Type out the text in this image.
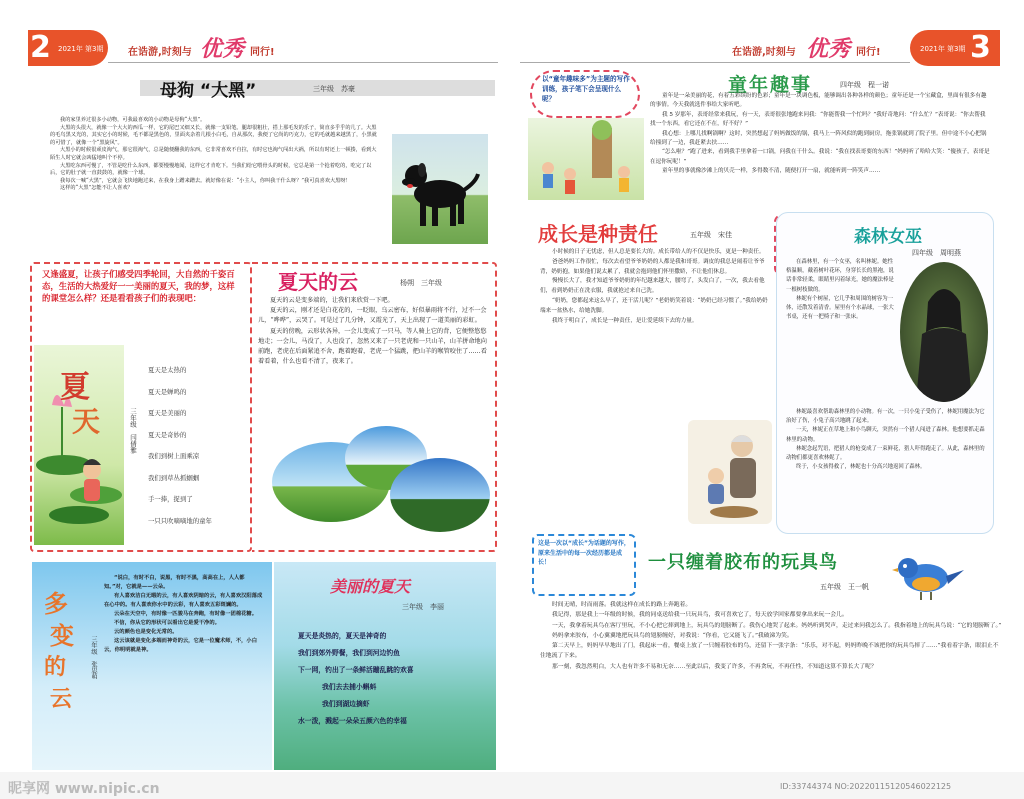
2 2021年 第3期 在诰游,时刻与 优秀 同行!
母狗 “大黑”	三年级　苏豪

我的家里养过很多小动物，可我最喜欢的小动物是母狗“大黑”。

大黑的头很大，就像一个大大的西瓜一样，它的尾巴又细又长，就像一支铅笔。腿却很粗壮，搭上那毛发的乐子，简直多乎乎的几了。大黑的毛鸟黑又光的，其实它小的时候，毛不都是黑色的，里面夹杂着几根小白毛，自从那次，我便了它尚的巧克力，它的毛就越来越黑了，小黑就的可惜了，就像一个“黑旋风”。

大黑小的时候很顽皮淘气，那它很淘气，总是随便翻我的东西，它非常喜欢不自拉，有时它也淘气闯出大祸，所以有时还上一顿揍，看到大陌生人时它就会凶猛地叫个不停。

大黑吃东西可慢了，不管是吃什么东西，都要慢慢地闻，这样它才肯吃下。当我们给它喂骨头的时候，它总是第一个抢着吃的，吃完了以后，它的肚子就一直鼓鼓的，就像一个球。

我每次一喊“大黑”，它就会飞快地跑过来，在我身上蹭来蹭去。就好像在说：“小主人，你叫我干什么呀？”我可真喜欢大黑呀！

这样的“大黑”怎能不让人喜欢？

又逢盛夏，让孩子们感受四季轮回，大自然的千姿百态，生活的大热爱好一一美丽的夏天，我的梦，这样的课堂怎么样？还是看看孩子们的表现吧：
夏
天	三年级　闫倩雅
夏天是太热的
夏天是蝉鸣的
夏天是美丽的
夏天是奇妙的
我们到树上面乘凉
我们到草丛抓蝈蝈
手一捧，捉到了
一只只吹嘀嘀地的童年
夏天的云	杨朔　三年级

夏天的云是变多端的，让我们来欣赏一下吧。

夏天的云，刚才还是白花花的，一眨眼，乌云密布，好似暴雨将不行，过不一会儿，“哗哗”，云哭了。可是过了几分钟，又霞光了，天上出现了一道美丽的彩虹。

夏天的傍晚，云形状各异，一会儿变成了一只马，等人骑上它的背，它便整悠悠地走；一会儿，马没了，人也没了，忽然又来了一只老虎和一只山羊，山羊拼命地向前跑，老虎在后面紧追不舍，跑着跑着，老虎一个猛跳，把山羊的喉管咬住了……看着看着，什么也看不清了，夜来了。

多
变
的
云
三年级　张思萌

“说白，有时不白，说黑，有时不黑，高高在上，人人都知。”对，它就是——云朵。

有人喜欢洁白无暇的云，有人喜欢阴暗的云，有人喜欢汉阳落成在心中的。有人喜欢你水中的云彩，有人喜欢五彩斑斓的。

云朵在天空中，有时像一匹骏马在奔跑，有时像一团棉花糖。

不信，你从它的形状可以看出它是爱干净的。

云的颜色也是变化无常的。

这云该就是变化多端而神奇的云，它是一位魔术师，不，小白云，你明明就是神。

美丽的夏天
三年级　李丽
夏天是炎热的，夏天是神奇的
我们到郊外野餐，我们到河边钓鱼
下一网，钓出了一条鲜活蹦乱跳的欢喜
我们去去捕小蝌蚪
我们到湖边摘虾
水一泼，溅起一朵朵五颜六色的幸福
在诰游,时刻与 优秀 同行!	2021年 第3期 3
以“童年趣味多”为主题的写作训练，孩子笔下会呈现什么呢？
童年趣事	四年级　程一诺

童年是一朵美丽的花，有着五彩缤纷的色彩；童年是一块调色板，能够调出各种各样的颜色；童年还是一个宝藏盒，里面有很多有趣的事情。今天我就选件事给大家听吧。

我 5 岁那年，表哥经常来我玩，有一天，表哥很张地跑来问我：“你能帮我一个忙吗？”我好奇地问：“什么忙？”表哥说：“你去帮我找一个东西，看它还在不在，好不好？”

我心想：上哪儿找啊锅啊？这时，突然想起了妈妈做饭的锅，我马上一阵风似的跑到厨房，拖张锅就到了院子里。但中途不小心把锅给撞到了一边，我赶紧去扶……

“怎么啦？”跑了进来，看到我手里拿着一口锅，问我在干什么。我说：“我在找表哥要的东西！”妈妈听了哈哈大笑：“傻孩子，表哥是在逗你玩呢！”

童年里的事就像沙滩上的贝壳一样，多得数不清，随便打开一扇，就能听到一阵笑声……

成长是种责任	五年级　宋佳

小时候的日子无忧虑，但人总是要长大的。成长带给人的不仅是快乐，更是一种责任。

爸爸妈妈工作很忙，每次去看望爷爷奶奶的人都是我和哥哥。调皮的我总是闹着让爷爷背，奶奶抱，如果他们说太累了，我就会抱到他们怀里撒娇，不让他们休息。

慢慢长大了，我才知道爷爷奶奶的年纪越来越大，腰弯了，头发白了，一次，我去看他们，看到奶奶正在洗衣服，我就抢过来自己洗。

“奶奶，您都起来这么早了，还干活儿呢？”老奶奶笑着说：“奶奶已经习惯了。”我给奶奶端来一盆热水，给她洗脚。

我终于明白了，成长是一种责任，是让爱延续下去的力量。

森林女巫
四年级　周明燕

在森林里，有一个女巫，名叫林妮。她性格温顺，戴着树叶花环，身穿长长的黑袍，说话非常轻柔，眼睛里闪着绿光，她的魔法棒是一根树枝做的。

林妮有个树屋，它几乎和周围的树容为一体，还散发着清香。屋里有个水晶球，一张大书桌，还有一把椅子和一张床。

林妮最喜欢帮助森林里的小动物。有一次，一只小兔子受伤了，林妮用魔法为它治好了伤，小兔子高兴地跳了起来。

一天，林妮正在草地上和小鸟聊天，突然有一个猎人闯进了森林。他想要抓走森林里的动物。

林妮念起咒语，把猎人的枪变成了一束鲜花，猎人吓得跑走了。从此，森林里的动物们都更喜欢林妮了。

终于，小女孩得救了，林妮也十分高兴地返回了森林。

这是一次以“成长”为话题的写作，原来生活中的每一次经历都是成长！	一只缠着胶布的玩具鸟
五年级　王一帆

时间无晴，时而雨落。我就这样在成长的路上奔跑着。

我记得，那是我上一年级的时候，我的同桌送给我一只玩具鸟，我可喜欢它了，每天放学回家都要拿出来玩一会儿。

一天，我拿着玩具鸟在客厅里玩，不小心把它摔到地上，玩具鸟的翅膀断了。我伤心地哭了起来。妈妈听到哭声，走过来问我怎么了。我指着地上的玩具鸟说：“它的翅膀断了。”

妈妈拿来胶布，小心翼翼地把玩具鸟的翅膀缠好，对我说：“你看，它又能飞了。”我破涕为笑。

第二天早上，妈妈早早地出了门，我起床一看，餐桌上放了一只缠着胶布的鸟，还留下一张字条：“乐乐，对不起，妈妈昨晚不该把你的玩具鸟摔了……”我看着字条，眼泪止不住地流了下来。

那一刻，我忽然明白，大人也有许多不易和无奈……至此以后，我变了许多，不再贪玩，不再任性，不知道这算不算长大了呢？

昵享网 www.nipic.cn	ID:33744374 NO:20220115120546022125
